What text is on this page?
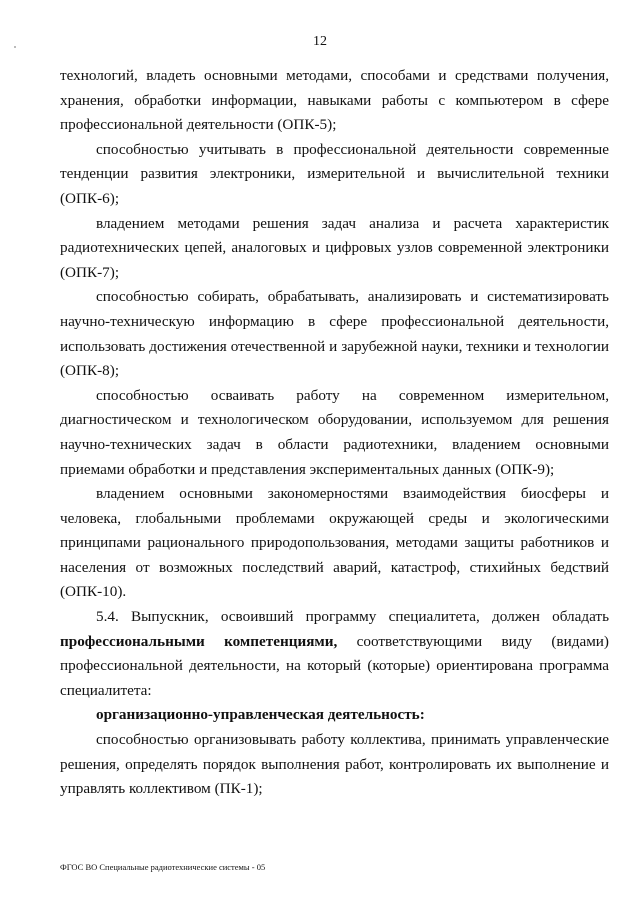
12

технологий, владеть основными методами, способами и средствами получения, хранения, обработки информации, навыками работы с компьютером в сфере профессиональной деятельности (ОПК-5);

способностью учитывать в профессиональной деятельности современные тенденции развития электроники, измерительной и вычислительной техники (ОПК-6);

владением методами решения задач анализа и расчета характеристик радиотехнических цепей, аналоговых и цифровых узлов современной электроники (ОПК-7);

способностью собирать, обрабатывать, анализировать и систематизировать научно-техническую информацию в сфере профессиональной деятельности, использовать достижения отечественной и зарубежной науки, техники и технологии (ОПК-8);

способностью осваивать работу на современном измерительном, диагностическом и технологическом оборудовании, используемом для решения научно-технических задач в области радиотехники, владением основными приемами обработки и представления экспериментальных данных (ОПК-9);

владением основными закономерностями взаимодействия биосферы и человека, глобальными проблемами окружающей среды и экологическими принципами рационального природопользования, методами защиты работников и населения от возможных последствий аварий, катастроф, стихийных бедствий (ОПК-10).

5.4. Выпускник, освоивший программу специалитета, должен обладать профессиональными компетенциями, соответствующими виду (видами) профессиональной деятельности, на который (которые) ориентирована программа специалитета:

организационно-управленческая деятельность:

способностью организовывать работу коллектива, принимать управленческие решения, определять порядок выполнения работ, контролировать их выполнение и управлять коллективом (ПК-1);

ФГОС ВО Специальные радиотехнические системы - 05
